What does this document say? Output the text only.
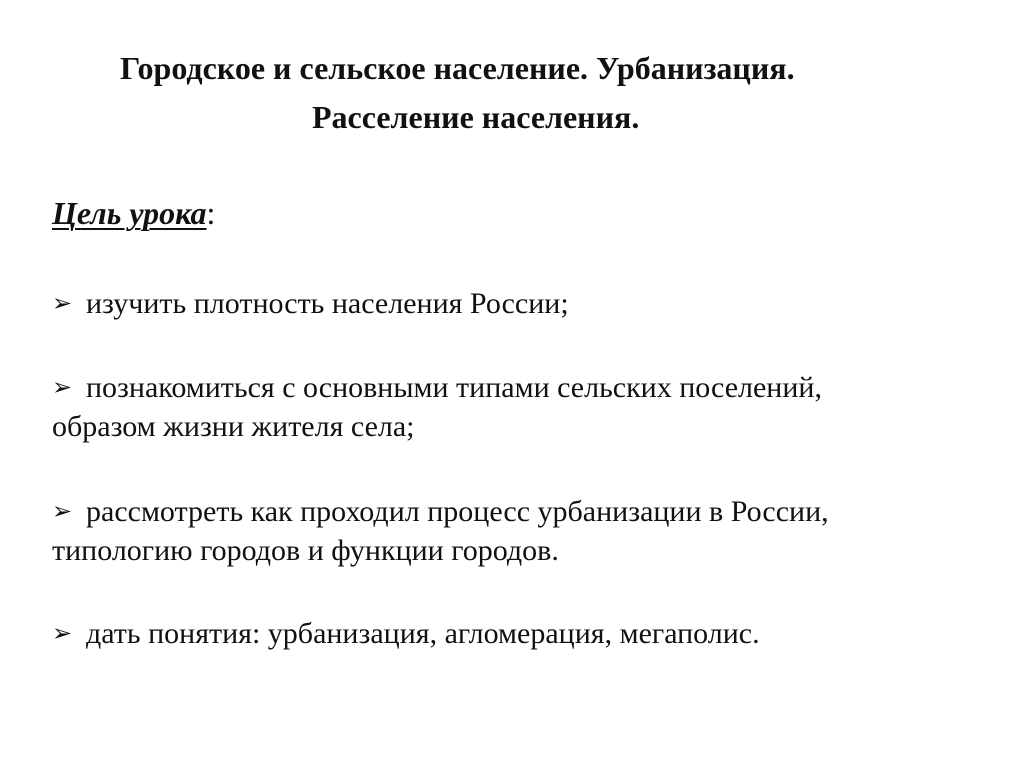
Городское и сельское население. Урбанизация.
Расселение населения.
Цель урока:
➢ изучить плотность населения России;
➢ познакомиться с основными типами сельских поселений,
образом жизни жителя села;
➢ рассмотреть как проходил процесс урбанизации в России,
типологию городов и функции городов.
➢ дать понятия: урбанизация, агломерация, мегаполис.
